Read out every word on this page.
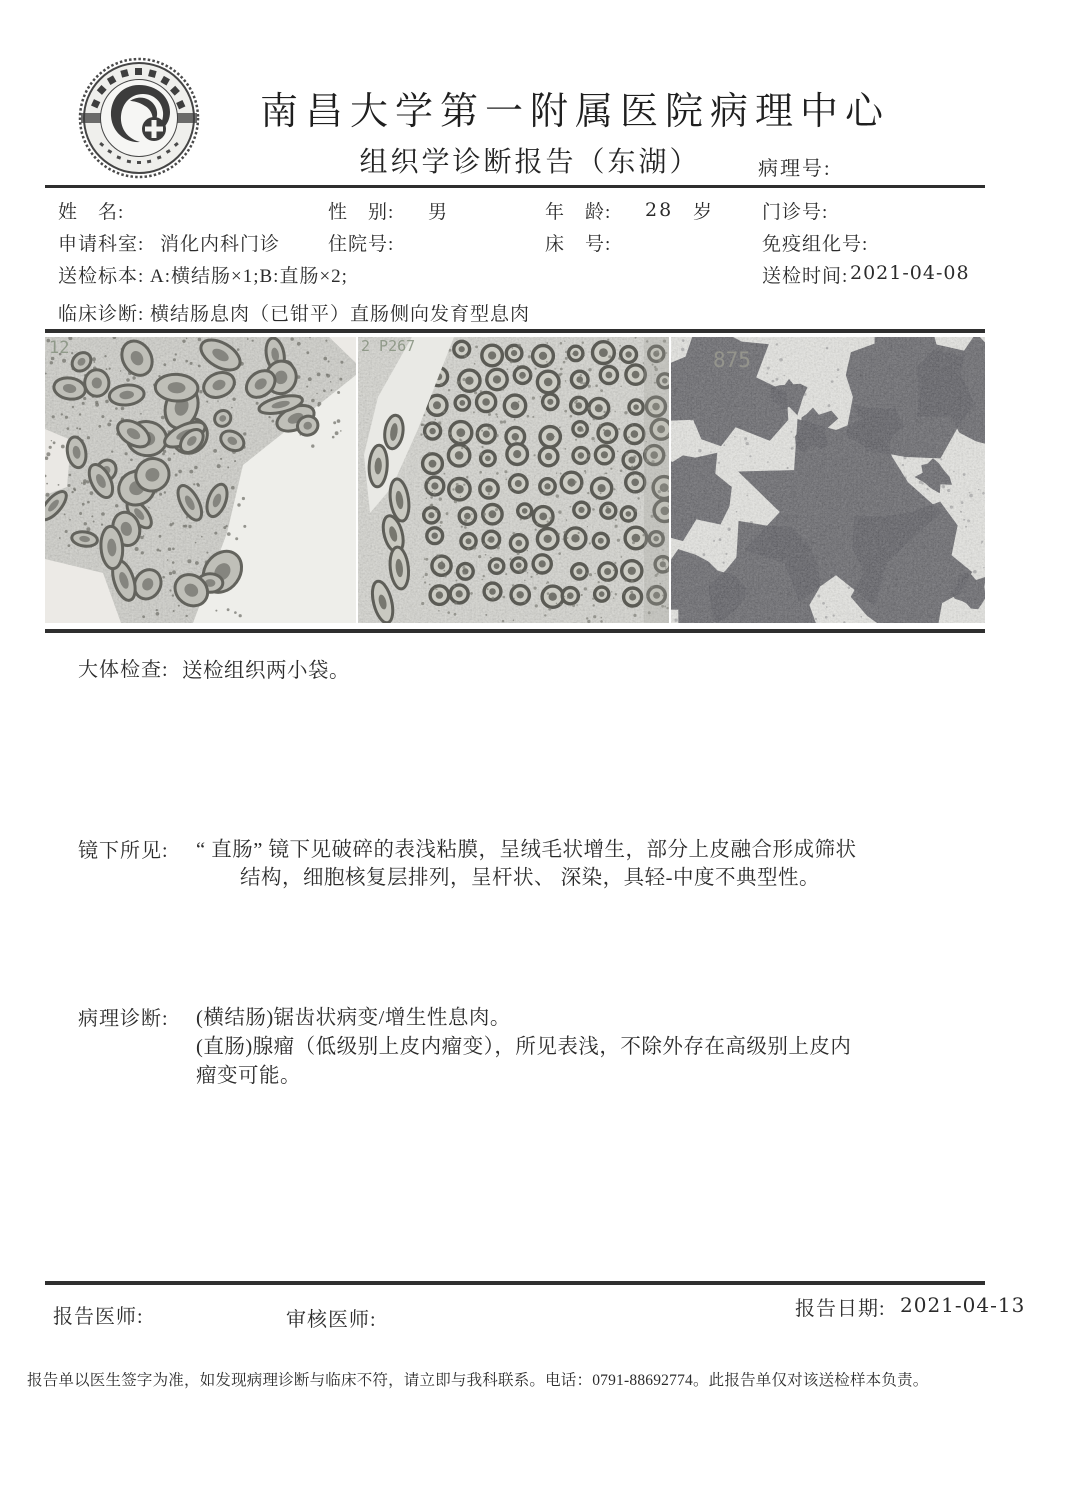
南昌大学第一附属医院病理中心
组织学诊断报告（东湖）	病理号:
姓　名:	性　别: 男	年　龄: 28 岁	门诊号:
申请科室: 消化内科门诊	住院号:	床　号:	免疫组化号:
送检标本: A:横结肠×1;B:直肠×2;	送检时间: 2021-04-08
临床诊断: 横结肠息肉（已钳平）直肠侧向发育型息肉
12	2 P267
875
大体检查: 送检组织两小袋。
镜下所见: “ 直肠” 镜下见破碎的表浅粘膜，呈绒毛状增生，部分上皮融合形成筛状
结构，细胞核复层排列，呈杆状、 深染，具轻-中度不典型性。
病理诊断: (横结肠)锯齿状病变/增生性息肉。
(直肠)腺瘤（低级别上皮内瘤变），所见表浅，不除外存在高级别上皮内
瘤变可能。
报告医师:	审核医师:	报告日期: 2021-04-13
报告单以医生签字为准，如发现病理诊断与临床不符，请立即与我科联系。电话：0791-88692774。此报告单仅对该送检样本负责。
